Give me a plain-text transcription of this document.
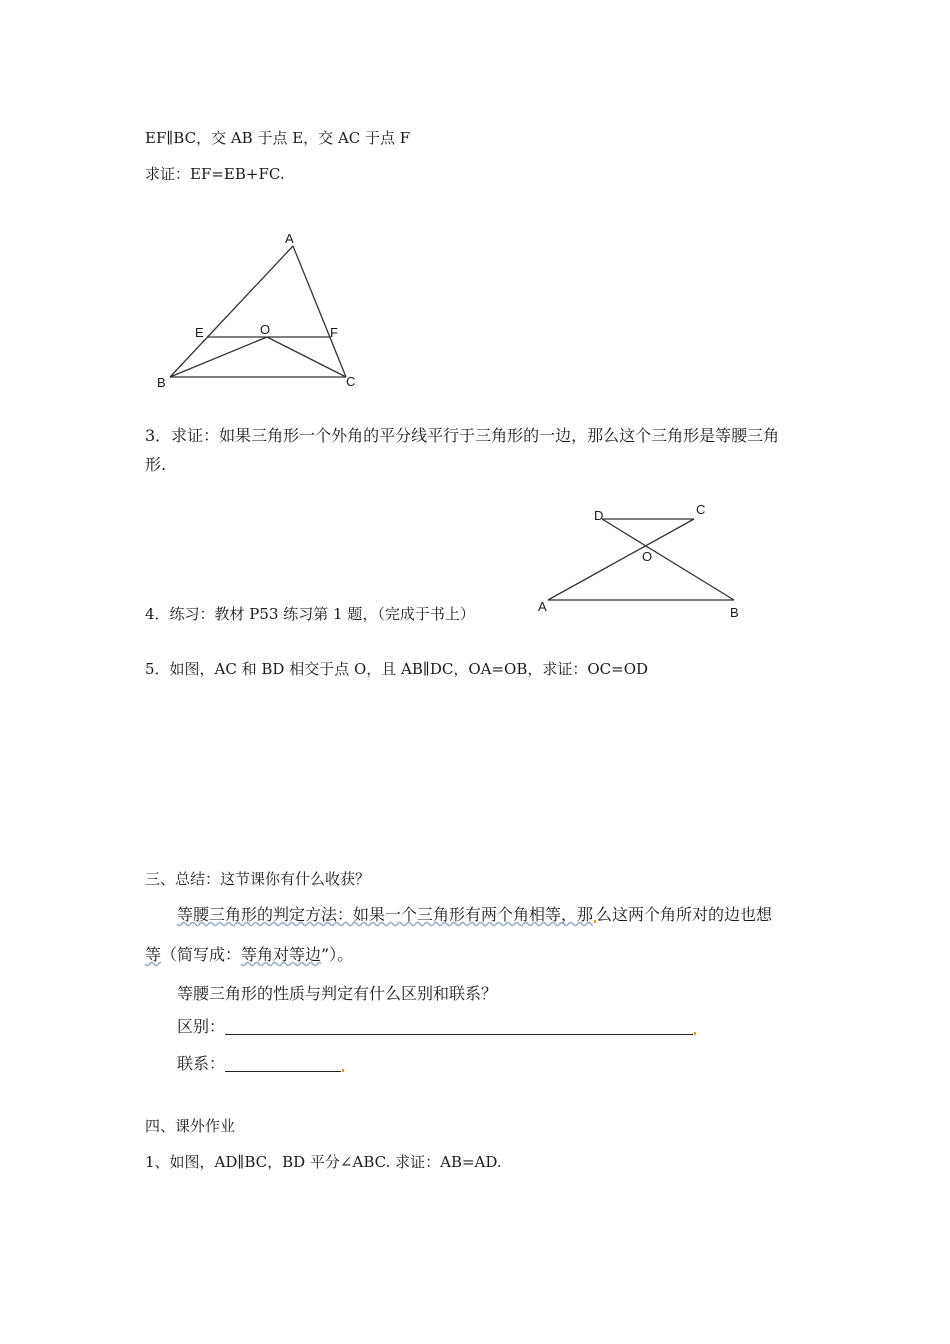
EF∥BC，交 AB 于点 E，交 AC 于点 F
求证：EF=EB+FC.
A
E	O	F
B	C
3．求证：如果三角形一个外角的平分线平行于三角形的一边，那么这个三角形是等腰三角
形.
D	C
O
A	B
4．练习：教材 P53 练习第 1 题，（完成于书上）
5．如图，AC 和 BD 相交于点 O，且 AB∥DC，OA=OB，求证：OC=OD
三、总结：这节课你有什么收获？
等腰三角形的判定方法：如果一个三角形有两个角相等，那 么这两个角所对的边也想
等（简写成：等角对等边”）。
等腰三角形的性质与判定有什么区别和联系？
区别：
联系：
四、课外作业
1、如图，AD∥BC，BD 平分∠ABC. 求证：AB=AD.
